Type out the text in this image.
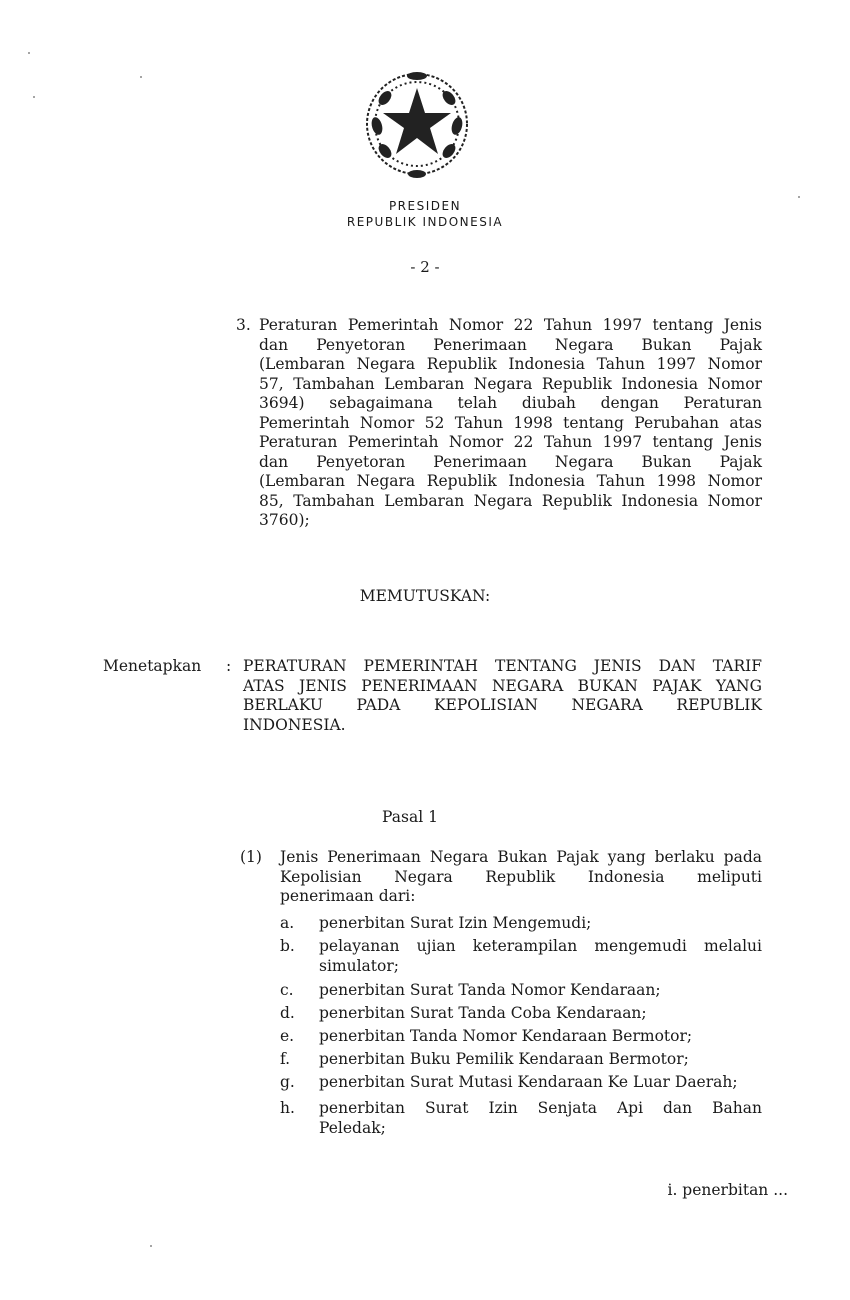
PRESIDEN
REPUBLIK INDONESIA
- 2 -
3. Peraturan Pemerintah Nomor 22 Tahun 1997 tentang Jenis
dan Penyetoran Penerimaan Negara Bukan Pajak
(Lembaran Negara Republik Indonesia Tahun 1997 Nomor
57, Tambahan Lembaran Negara Republik Indonesia Nomor
3694) sebagaimana telah diubah dengan Peraturan
Pemerintah Nomor 52 Tahun 1998 tentang Perubahan atas
Peraturan Pemerintah Nomor 22 Tahun 1997 tentang Jenis
dan Penyetoran Penerimaan Negara Bukan Pajak
(Lembaran Negara Republik Indonesia Tahun 1998 Nomor
85, Tambahan Lembaran Negara Republik Indonesia Nomor
3760);
MEMUTUSKAN:
Menetapkan : PERATURAN PEMERINTAH TENTANG JENIS DAN TARIF
ATAS JENIS PENERIMAAN NEGARA BUKAN PAJAK YANG
BERLAKU PADA KEPOLISIAN NEGARA REPUBLIK
INDONESIA.
Pasal 1
(1) Jenis Penerimaan Negara Bukan Pajak yang berlaku pada
Kepolisian Negara Republik Indonesia meliputi
penerimaan dari:
a. penerbitan Surat Izin Mengemudi;
b. pelayanan ujian keterampilan mengemudi melalui
simulator;
c. penerbitan Surat Tanda Nomor Kendaraan;
d. penerbitan Surat Tanda Coba Kendaraan;
e. penerbitan Tanda Nomor Kendaraan Bermotor;
f. penerbitan Buku Pemilik Kendaraan Bermotor;
g. penerbitan Surat Mutasi Kendaraan Ke Luar Daerah;
h. penerbitan Surat Izin Senjata Api dan Bahan
Peledak;
i. penerbitan ...
